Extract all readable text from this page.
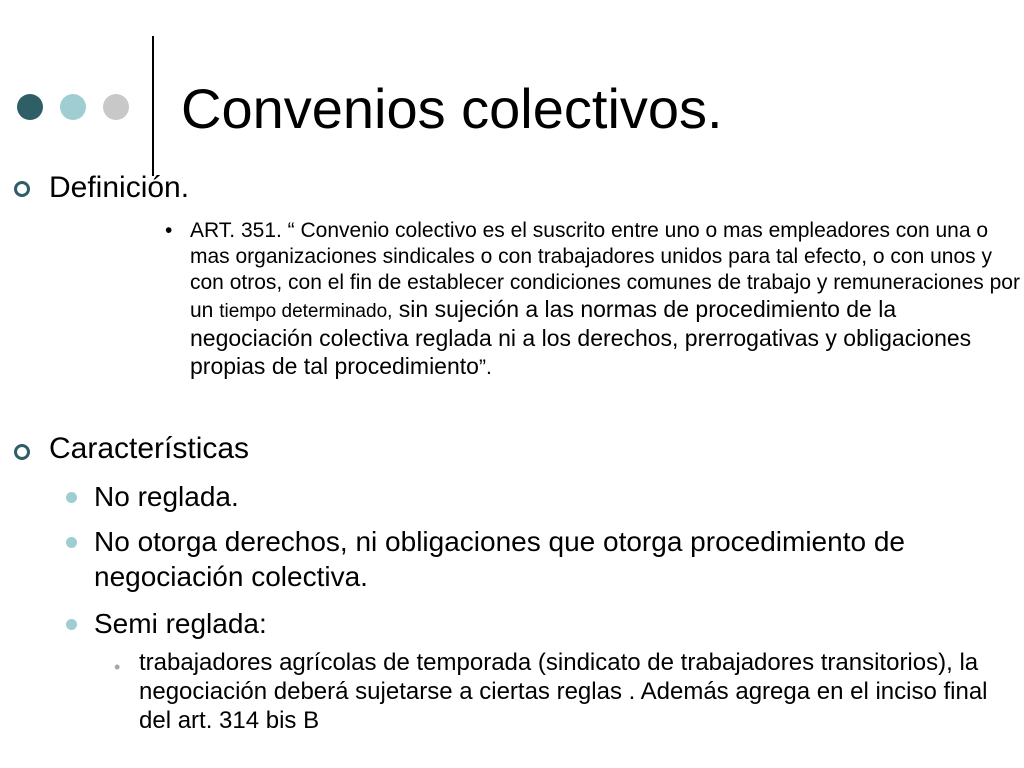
Convenios colectivos.
Definición.
• ART. 351. “ Convenio colectivo es el suscrito entre uno o mas empleadores con una o mas organizaciones sindicales o con trabajadores unidos para tal efecto, o con unos y con otros, con el fin de establecer condiciones comunes de trabajo y remuneraciones por un tiempo determinado, sin sujeción a las normas de procedimiento de la negociación colectiva reglada ni a los derechos, prerrogativas y obligaciones propias de tal procedimiento”.
Características
No reglada.
No otorga derechos, ni obligaciones que otorga procedimiento de negociación colectiva.
Semi reglada:
• trabajadores agrícolas de temporada (sindicato de trabajadores transitorios), la negociación deberá sujetarse a ciertas reglas . Además agrega en el inciso final del art. 314 bis B
